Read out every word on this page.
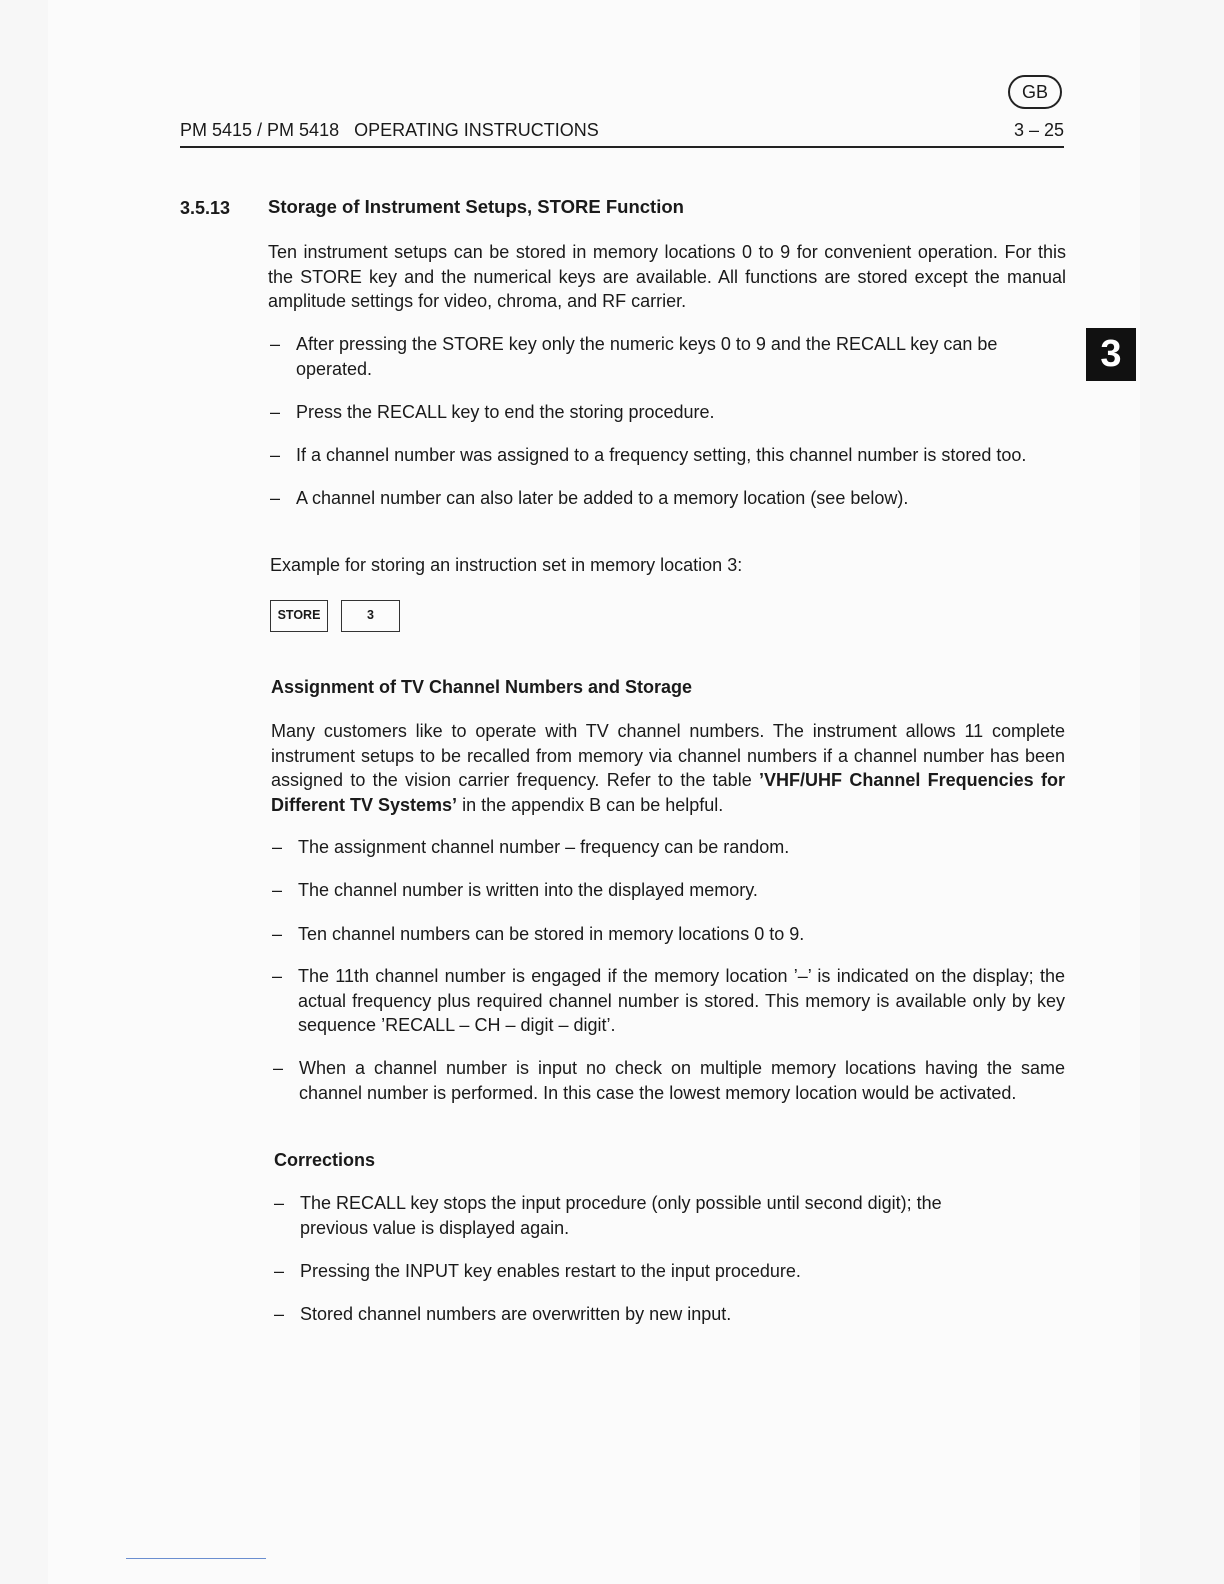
GB
PM 5415 / PM 5418   OPERATING INSTRUCTIONS	3 – 25
3
3.5.13 Storage of Instrument Setups, STORE Function

Ten instrument setups can be stored in memory locations 0 to 9 for convenient operation. For this the STORE key and the numerical keys are available. All functions are stored except the manual amplitude settings for video, chroma, and RF carrier.

– After pressing the STORE key only the numeric keys 0 to 9 and the RECALL key can be operated.
– Press the RECALL key to end the storing procedure.
– If a channel number was assigned to a frequency setting, this channel number is stored too.
– A channel number can also later be added to a memory location (see below).

Example for storing an instruction set in memory location 3:

STORE	3
Assignment of TV Channel Numbers and Storage

Many customers like to operate with TV channel numbers. The instrument allows 11 complete instrument setups to be recalled from memory via channel numbers if a channel number has been assigned to the vision carrier frequency. Refer to the table ’VHF/UHF Channel Frequencies for Different TV Systems’ in the appendix B can be helpful.

– The assignment channel number – frequency can be random.
– The channel number is written into the displayed memory.
– Ten channel numbers can be stored in memory locations 0 to 9.
– The 11th channel number is engaged if the memory location ’–’ is indicated on the display; the actual frequency plus required channel number is stored. This memory is available only by key sequence ’RECALL – CH – digit – digit’.
– When a channel number is input no check on multiple memory locations having the same channel number is performed. In this case the lowest memory location would be activated.
Corrections
– The RECALL key stops the input procedure (only possible until second digit); the previous value is displayed again.
– Pressing the INPUT key enables restart to the input procedure.
– Stored channel numbers are overwritten by new input.
